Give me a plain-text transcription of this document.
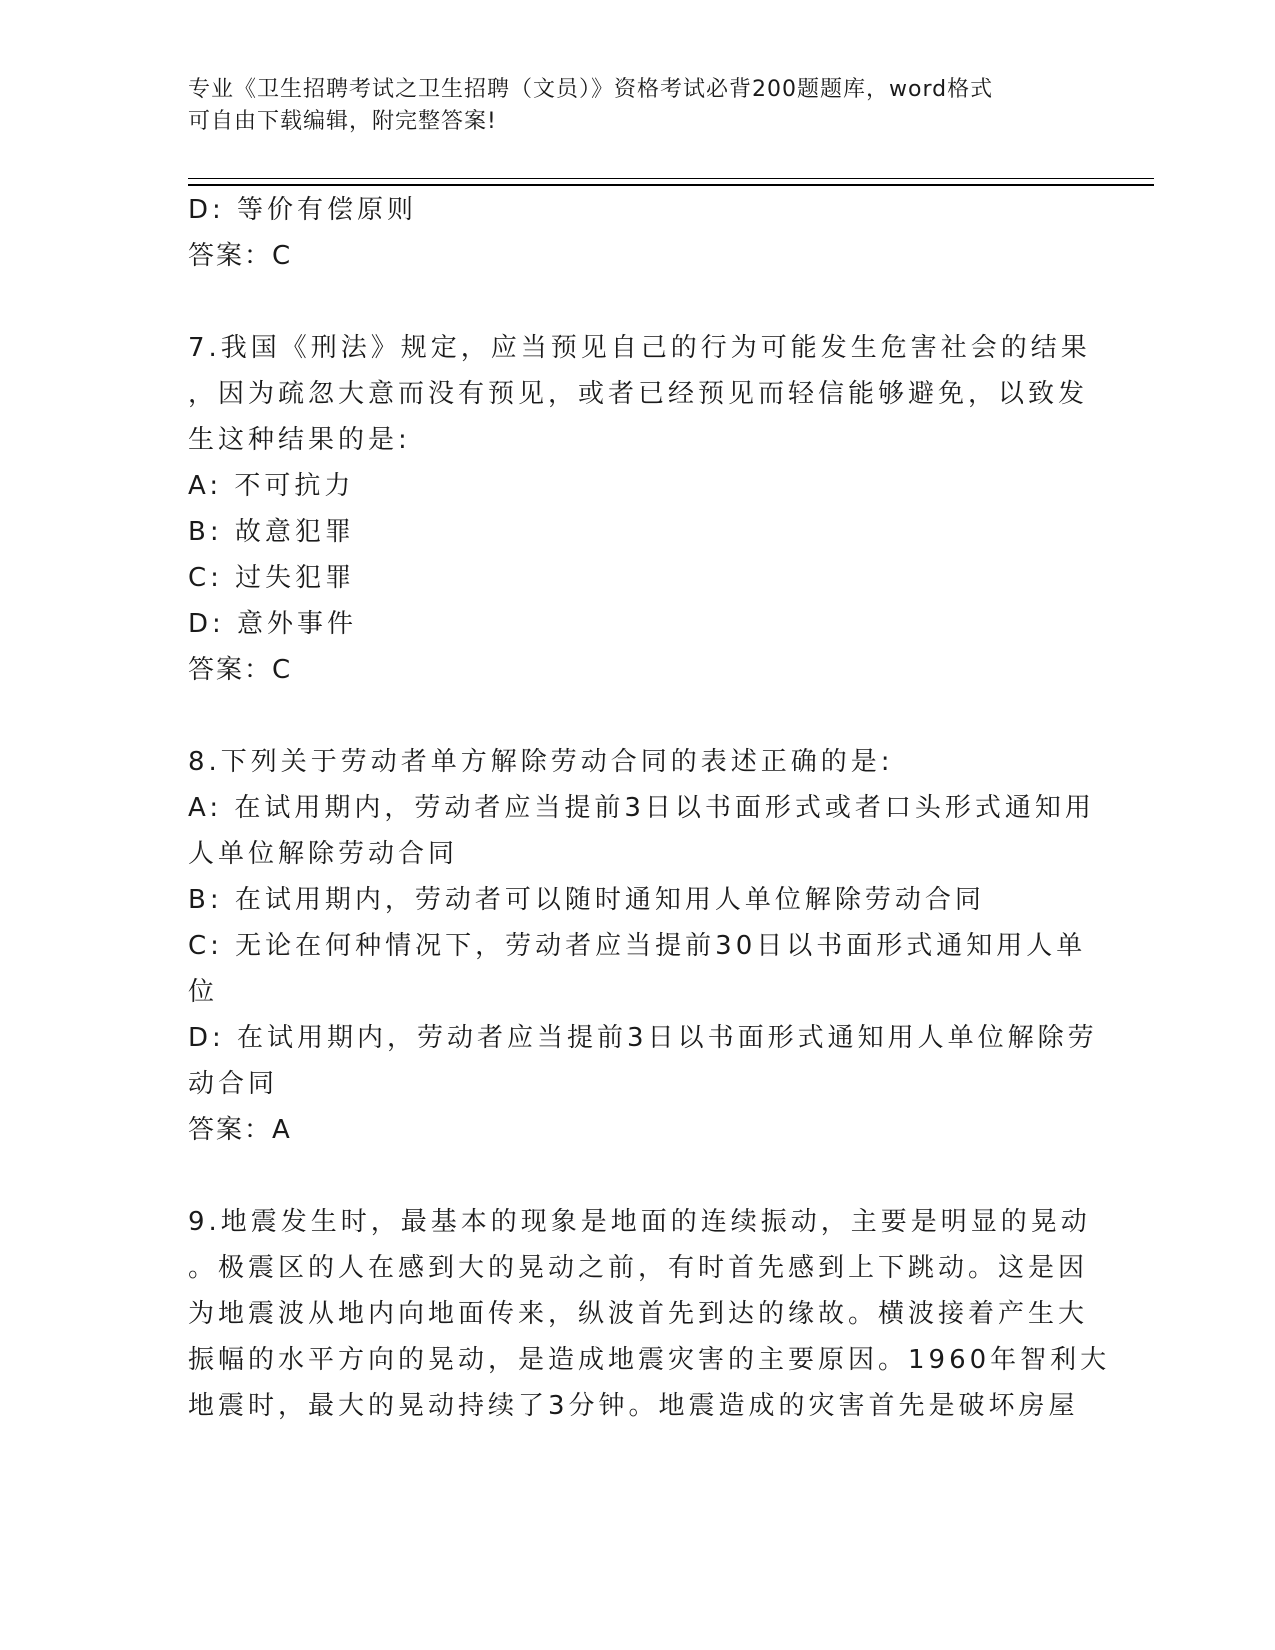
专业《卫生招聘考试之卫生招聘（文员）》资格考试必背200题题库，word格式

可自由下载编辑，附完整答案!

D: 等价有偿原则

答案：C

7.我国《刑法》规定，应当预见自己的行为可能发生危害社会的结果

，因为疏忽大意而没有预见，或者已经预见而轻信能够避免，以致发

生这种结果的是:

A: 不可抗力

B: 故意犯罪

C: 过失犯罪

D: 意外事件

答案：C

8.下列关于劳动者单方解除劳动合同的表述正确的是:

A: 在试用期内，劳动者应当提前3日以书面形式或者口头形式通知用

人单位解除劳动合同

B: 在试用期内，劳动者可以随时通知用人单位解除劳动合同

C: 无论在何种情况下，劳动者应当提前30日以书面形式通知用人单

位

D: 在试用期内，劳动者应当提前3日以书面形式通知用人单位解除劳

动合同

答案：A

9.地震发生时，最基本的现象是地面的连续振动，主要是明显的晃动

。极震区的人在感到大的晃动之前，有时首先感到上下跳动。这是因

为地震波从地内向地面传来，纵波首先到达的缘故。横波接着产生大

振幅的水平方向的晃动，是造成地震灾害的主要原因。1960年智利大

地震时，最大的晃动持续了3分钟。地震造成的灾害首先是破坏房屋
